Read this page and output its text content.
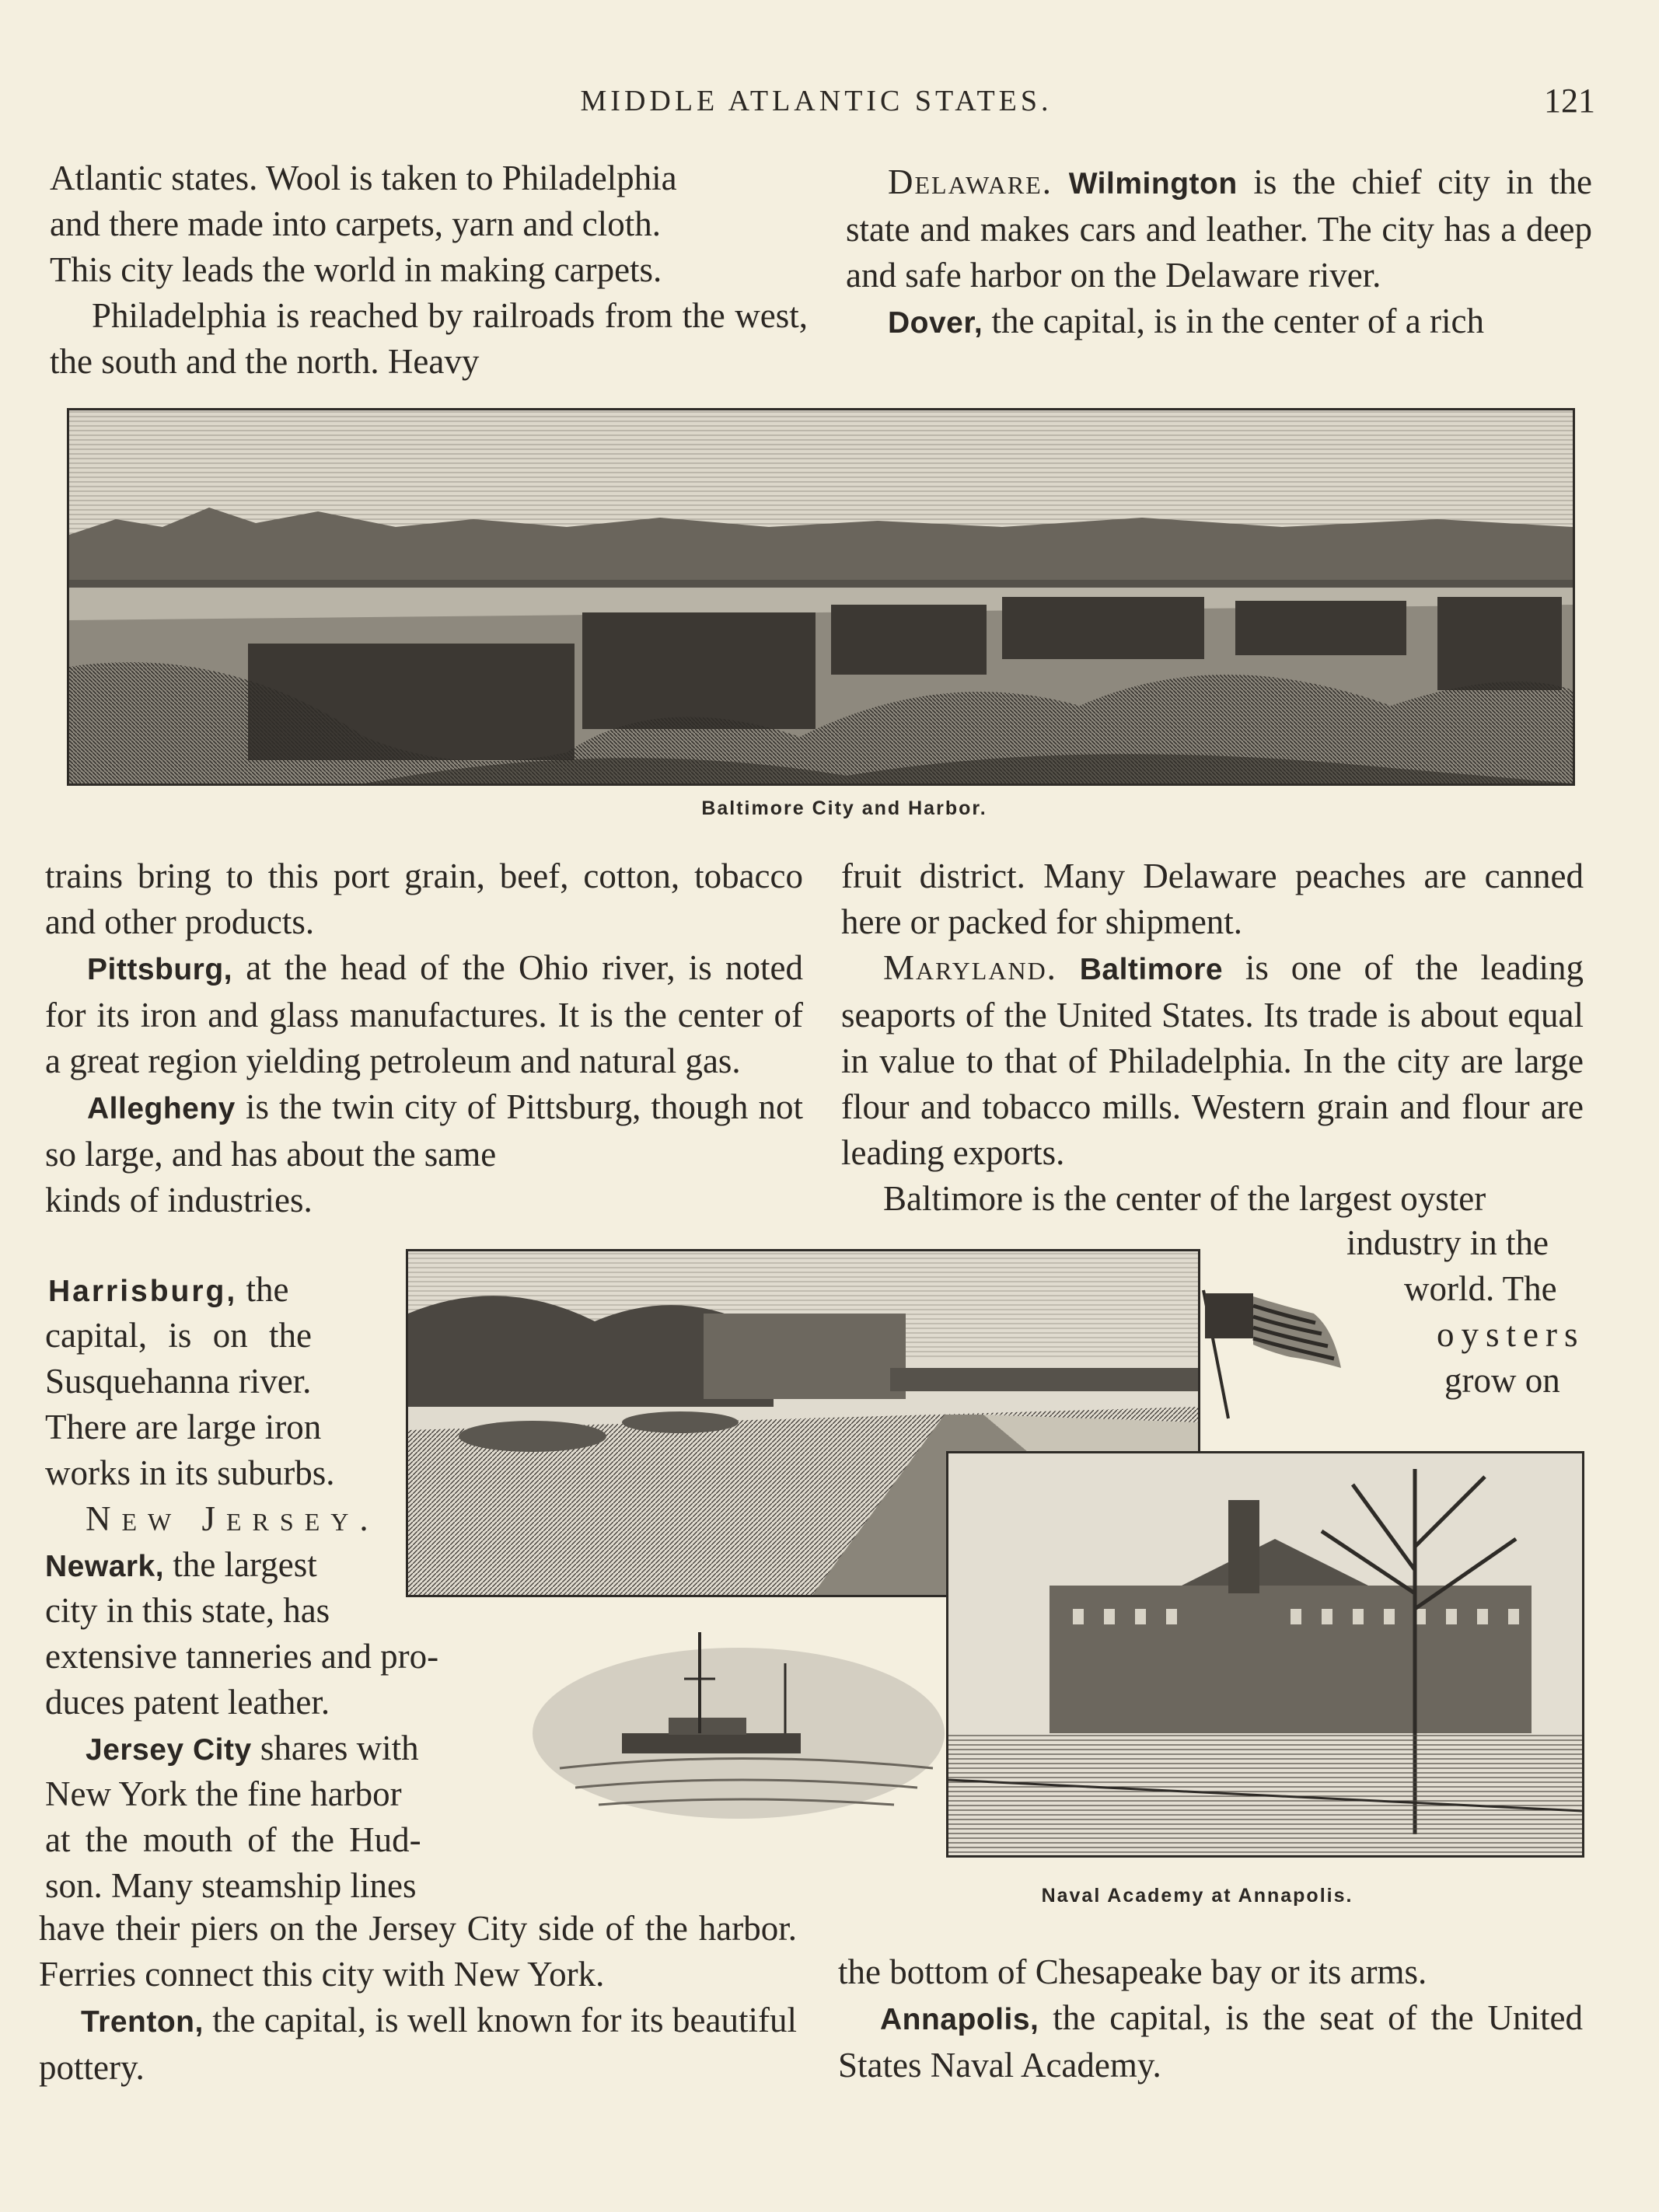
MIDDLE ATLANTIC STATES.	121

Atlantic states. Wool is taken to Philadelphia

and there made into carpets, yarn and cloth.

This city leads the world in making carpets.

Philadelphia is reached by railroads from the west, the south and the north. Heavy

Delaware. Wilmington is the chief city in the state and makes cars and leather. The city has a deep and safe harbor on the Delaware river.

Dover, the capital, is in the center of a rich

Baltimore City and Harbor.

trains bring to this port grain, beef, cotton, tobacco and other products.

Pittsburg, at the head of the Ohio river, is noted for its iron and glass manufactures. It is the center of a great region yielding petroleum and natural gas.

Allegheny is the twin city of Pittsburg, though not so large, and has about the same

kinds of industries.

fruit district. Many Delaware peaches are canned here or packed for shipment.

Maryland. Baltimore is one of the leading seaports of the United States. Its trade is about equal in value to that of Philadelphia. In the city are large flour and tobacco mills. Western grain and flour are leading exports.

Baltimore is the center of the largest oyster

industry in the
world. The
oysters
grow on
Harrisburg, the
capital, is on the
Susquehanna river.
There are large iron
works in its suburbs.
New Jersey.
Newark, the largest
city in this state, has
extensive tanneries and pro-
duces patent leather.
Jersey City shares with
New York the fine harbor
at the mouth of the Hud-
son. Many steamship lines	Naval Academy at Annapolis.

have their piers on the Jersey City side of the harbor. Ferries connect this city with New York.

Trenton, the capital, is well known for its beautiful pottery.

the bottom of Chesapeake bay or its arms.

Annapolis, the capital, is the seat of the United States Naval Academy.
